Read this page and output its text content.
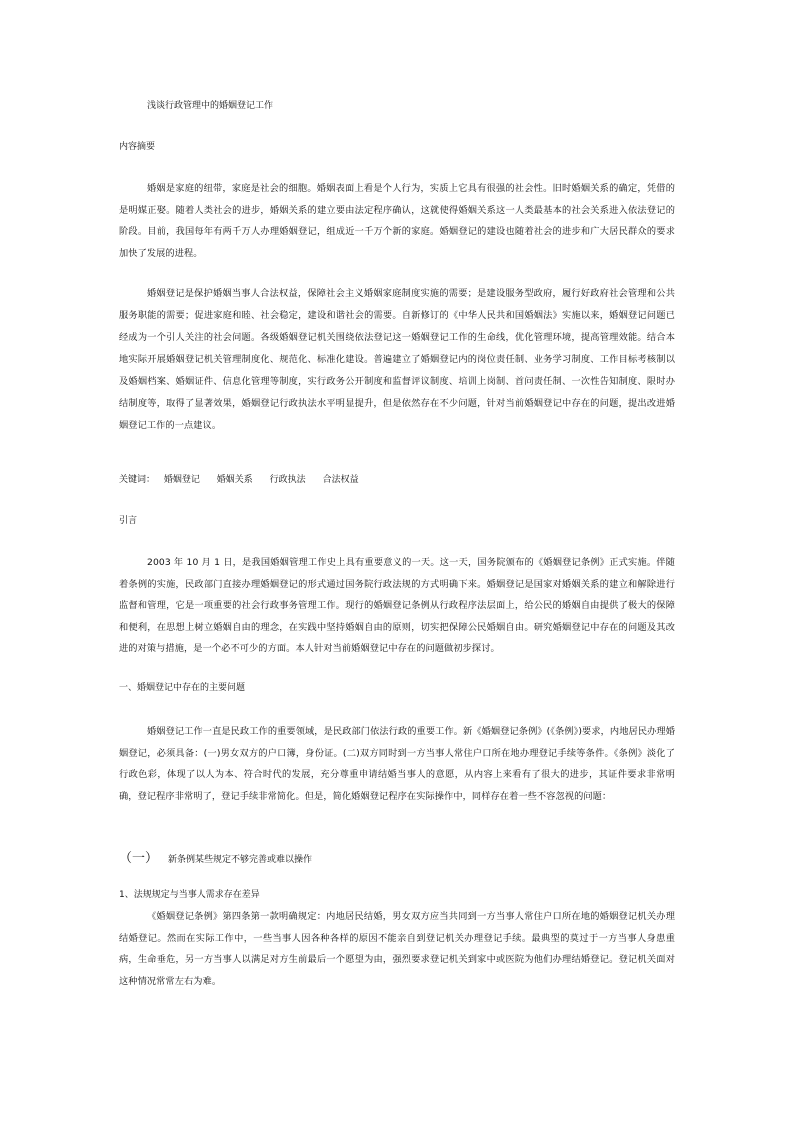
浅谈行政管理中的婚姻登记工作

内容摘要

婚姻是家庭的纽带，家庭是社会的细胞。婚姻表面上看是个人行为，实质上它具有很强的社会性。旧时婚姻关系的确定，凭借的是明媒正娶。随着人类社会的进步，婚姻关系的建立要由法定程序确认，这就使得婚姻关系这一人类最基本的社会关系进入依法登记的阶段。目前，我国每年有两千万人办理婚姻登记，组成近一千万个新的家庭。婚姻登记的建设也随着社会的进步和广大居民群众的要求加快了发展的进程。

婚姻登记是保护婚姻当事人合法权益，保障社会主义婚姻家庭制度实施的需要；是建设服务型政府，履行好政府社会管理和公共服务职能的需要；促进家庭和睦、社会稳定，建设和谐社会的需要。自新修订的《中华人民共和国婚姻法》实施以来，婚姻登记问题已经成为一个引人关注的社会问题。各级婚姻登记机关围绕依法登记这一婚姻登记工作的生命线，优化管理环境，提高管理效能。结合本地实际开展婚姻登记机关管理制度化、规范化、标准化建设。普遍建立了婚姻登记内的岗位责任制、业务学习制度、工作目标考核制以及婚姻档案、婚姻证件、信息化管理等制度，实行政务公开制度和监督评议制度、培训上岗制、首问责任制、一次性告知制度、限时办结制度等，取得了显著效果，婚姻登记行政执法水平明显提升，但是依然存在不少问题，针对当前婚姻登记中存在的问题，提出改进婚姻登记工作的一点建议。

关键词： 婚姻登记 婚姻关系 行政执法 合法权益

引言

2003 年 10 月 1 日，是我国婚姻管理工作史上具有重要意义的一天。这一天，国务院颁布的《婚姻登记条例》正式实施。伴随着条例的实施，民政部门直接办理婚姻登记的形式通过国务院行政法规的方式明确下来。婚姻登记是国家对婚姻关系的建立和解除进行监督和管理，它是一项重要的社会行政事务管理工作。现行的婚姻登记条例从行政程序法层面上，给公民的婚姻自由提供了极大的保障和便利，在思想上树立婚姻自由的理念，在实践中坚持婚姻自由的原则，切实把保障公民婚姻自由。研究婚姻登记中存在的问题及其改进的对策与措施，是一个必不可少的方面。本人针对当前婚姻登记中存在的问题做初步探讨。

一、婚姻登记中存在的主要问题

婚姻登记工作一直是民政工作的重要领域，是民政部门依法行政的重要工作。新《婚姻登记条例》(《条例》)要求，内地居民办理婚姻登记，必须具备：(一)男女双方的户口簿，身份证。(二)双方同时到一方当事人常住户口所在地办理登记手续等条件。《条例》淡化了行政色彩，体现了以人为本、符合时代的发展，充分尊重申请结婚当事人的意愿，从内容上来看有了很大的进步，其证件要求非常明确，登记程序非常明了，登记手续非常简化。但是，简化婚姻登记程序在实际操作中，同样存在着一些不容忽视的问题：

（一） 新条例某些规定不够完善或难以操作

1、法规规定与当事人需求存在差异

《婚姻登记条例》第四条第一款明确规定：内地居民结婚，男女双方应当共同到一方当事人常住户口所在地的婚姻登记机关办理结婚登记。然而在实际工作中，一些当事人因各种各样的原因不能亲自到登记机关办理登记手续。最典型的莫过于一方当事人身患重病，生命垂危，另一方当事人以满足对方生前最后一个愿望为由，强烈要求登记机关到家中或医院为他们办理结婚登记。登记机关面对这种情况常常左右为难。
